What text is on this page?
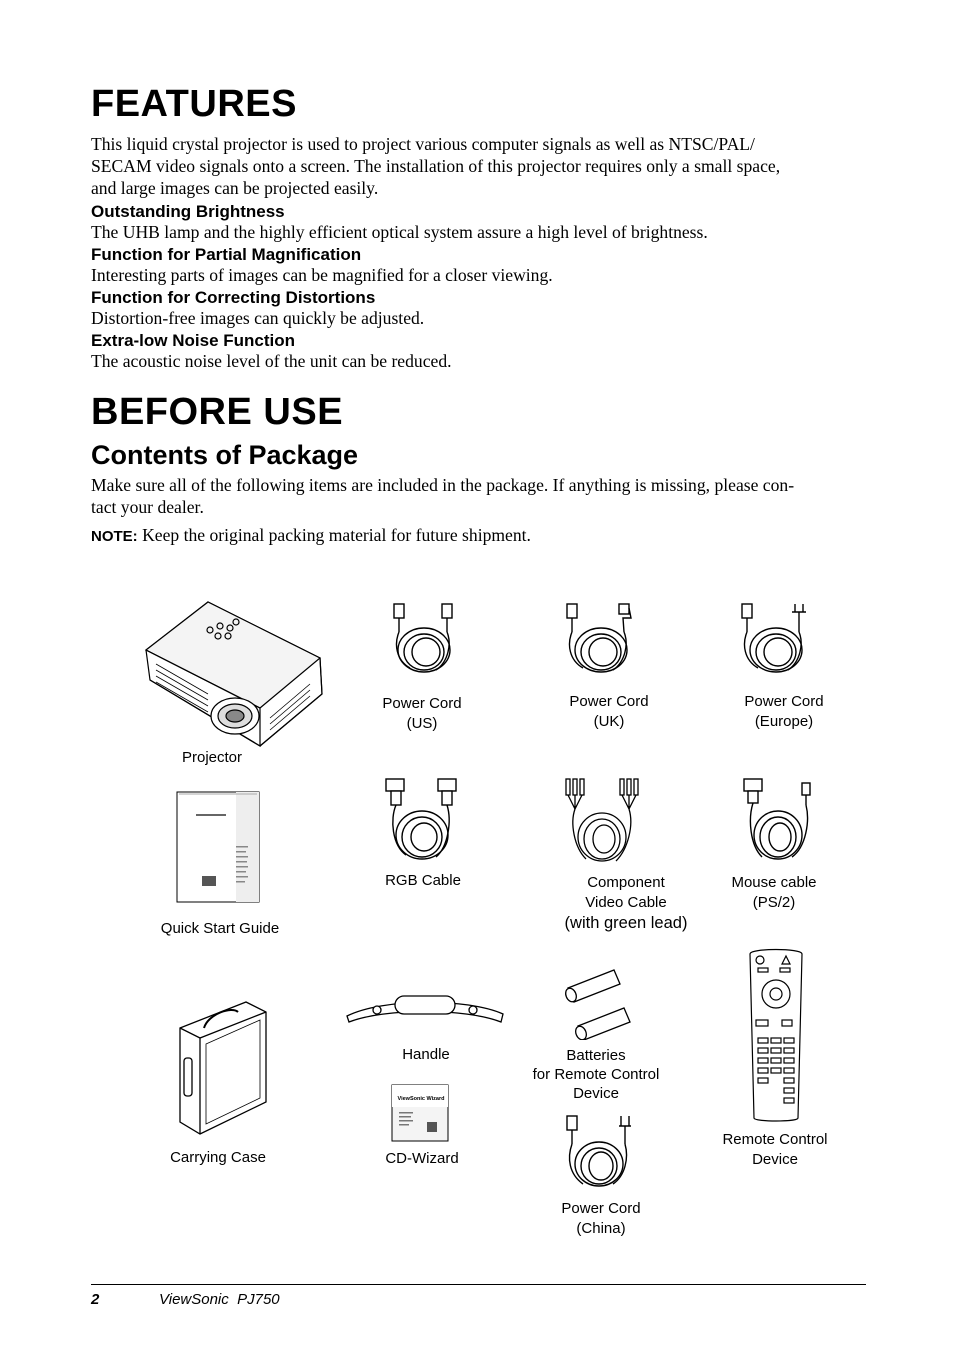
FEATURES
This liquid crystal projector is used to project various computer signals as well as NTSC/PAL/
SECAM video signals onto a screen. The installation of this projector requires only a small space,
and large images can be projected easily.
Outstanding Brightness
The UHB lamp and the highly efficient optical system assure a high level of brightness.
Function for Partial Magnification
Interesting parts of images can be magnified for a closer viewing.
Function for Correcting Distortions
Distortion-free images can quickly be adjusted.
Extra-low Noise Function
The acoustic noise level of the unit can be reduced.
BEFORE USE
Contents of Package
Make sure all of the following items are included in the package. If anything is missing, please con-
tact your dealer.
NOTE: Keep the original packing material for future shipment.
ViewSonic Wizard
Projector
Power Cord
(US)
Power Cord
(UK)
Power Cord
(Europe)
Quick Start Guide
RGB Cable	Component
Video Cable
(with green lead)
Mouse cable
(PS/2)
Carrying Case
Handle
CD-Wizard
Batteries
for Remote Control
Device
Remote Control
Device
Power Cord
(China)
2	ViewSonic  PJ750
